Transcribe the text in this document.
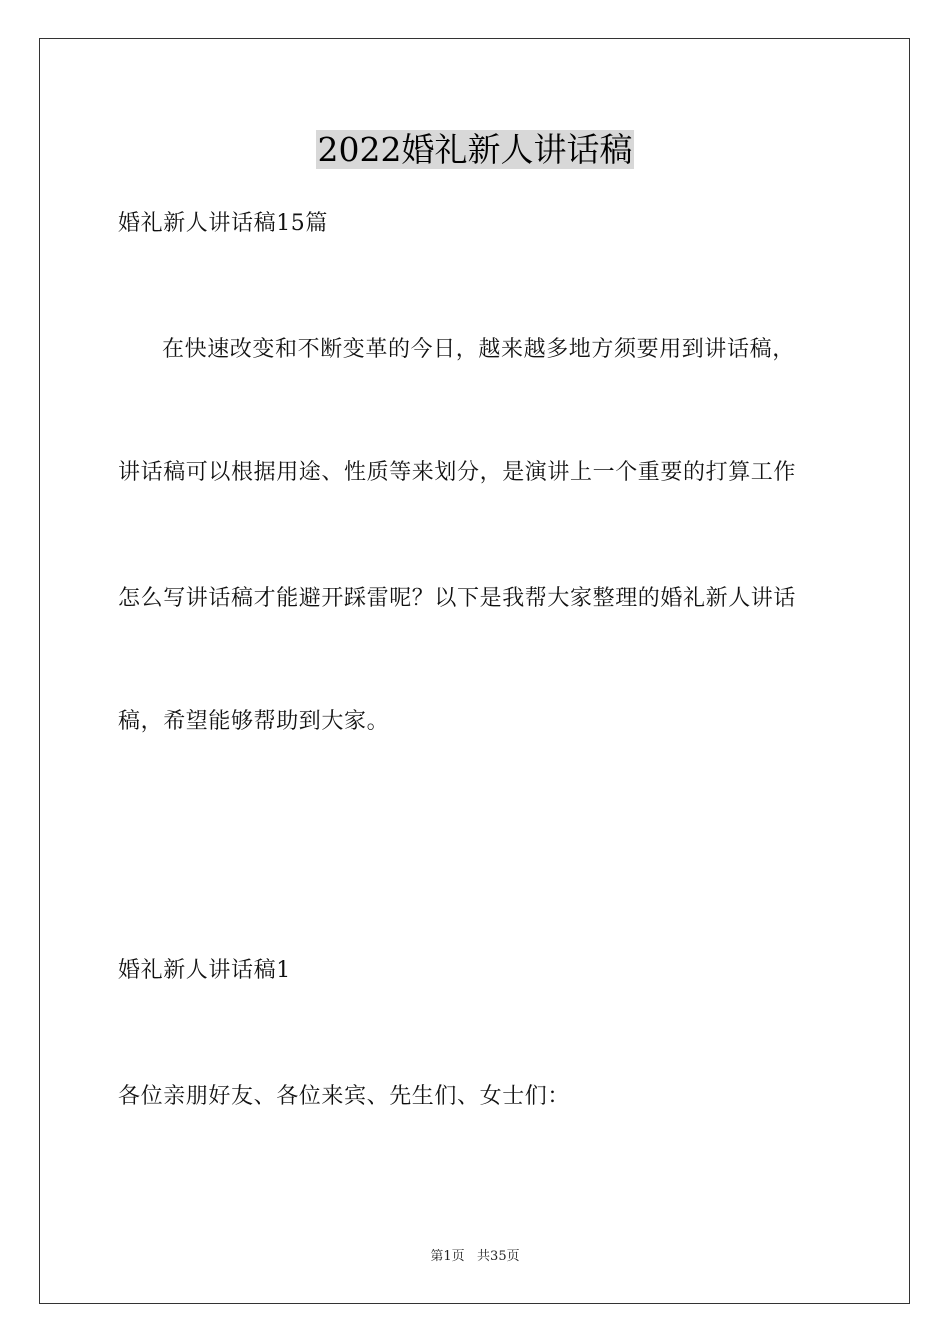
2022婚礼新人讲话稿

婚礼新人讲话稿15篇

在快速改变和不断变革的今日，越来越多地方须要用到讲话稿，

讲话稿可以根据用途、性质等来划分，是演讲上一个重要的打算工作

怎么写讲话稿才能避开踩雷呢？以下是我帮大家整理的婚礼新人讲话

稿，希望能够帮助到大家。

婚礼新人讲话稿1

各位亲朋好友、各位来宾、先生们、女士们：

第1页   共35页
